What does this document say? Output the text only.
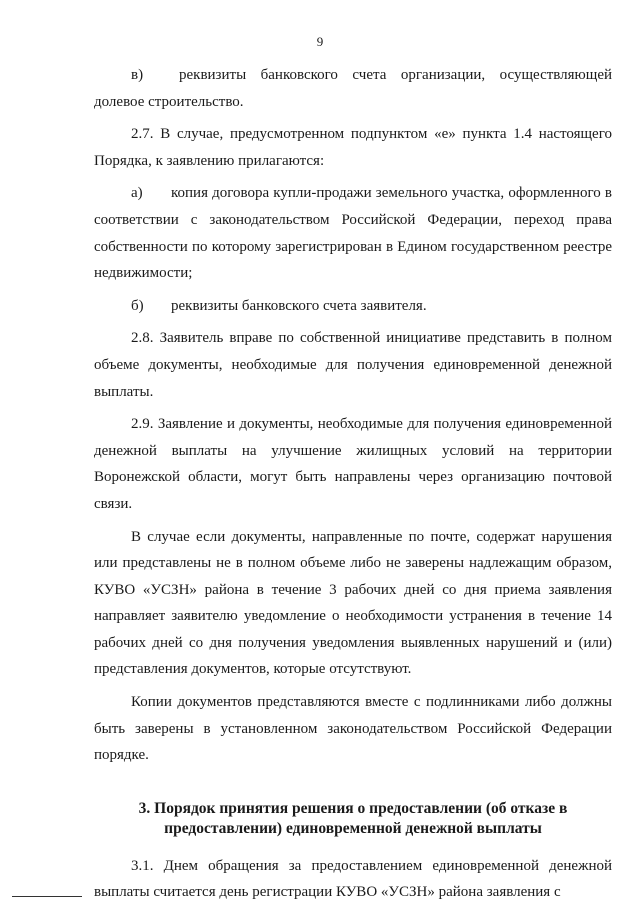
9

в) реквизиты банковского счета организации, осуществляющей долевое строительство.

2.7. В случае, предусмотренном подпунктом «е» пункта 1.4 настоящего Порядка, к заявлению прилагаются:

а) копия договора купли-продажи земельного участка, оформленного в соответствии с законодательством Российской Федерации, переход права собственности по которому зарегистрирован в Едином государственном реестре недвижимости;

б) реквизиты банковского счета заявителя.

2.8. Заявитель вправе по собственной инициативе представить в полном объеме документы, необходимые для получения единовременной денежной выплаты.

2.9. Заявление и документы, необходимые для получения единовременной денежной выплаты на улучшение жилищных условий на территории Воронежской области, могут быть направлены через организацию почтовой связи.

В случае если документы, направленные по почте, содержат нарушения или представлены не в полном объеме либо не заверены надлежащим образом, КУВО «УСЗН» района в течение 3 рабочих дней со дня приема заявления направляет заявителю уведомление о необходимости устранения в течение 14 рабочих дней со дня получения уведомления выявленных нарушений и (или) представления документов, которые отсутствуют.

Копии документов представляются вместе с подлинниками либо должны быть заверены в установленном законодательством Российской Федерации порядке.

3. Порядок принятия решения о предоставлении (об отказе в
предоставлении) единовременной денежной выплаты

3.1. Днем обращения за предоставлением единовременной денежной выплаты считается день регистрации КУВО «УСЗН» района заявления с
